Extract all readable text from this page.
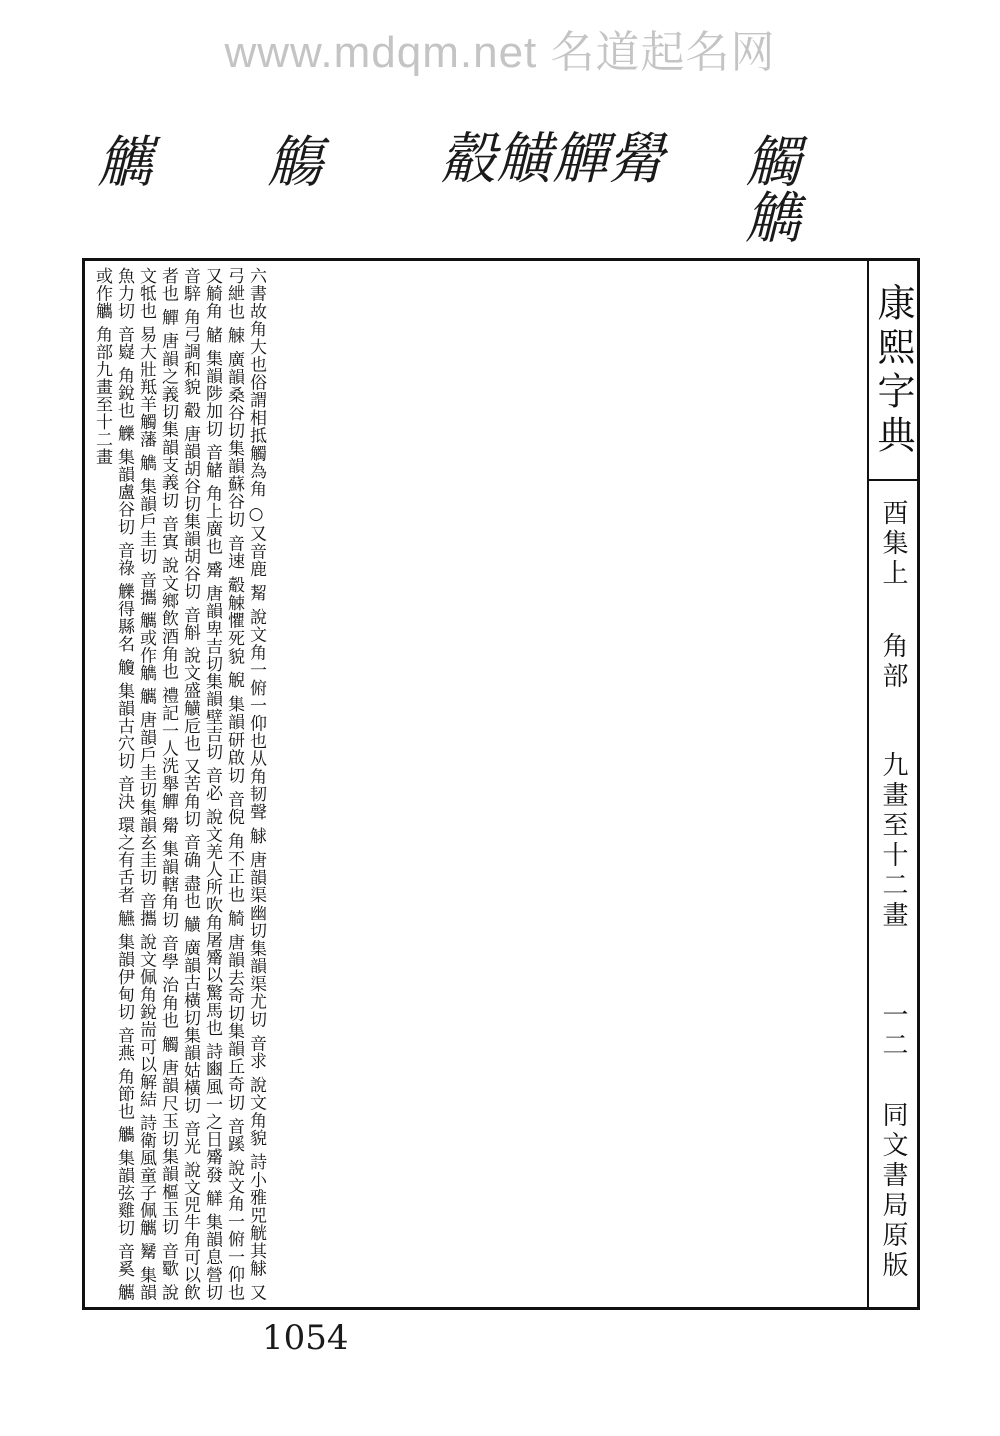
www.mdqm.net 名道起名网
觽 觴 觳觵觶觷 觸觹
六書故角大也俗謂相抵觸為角 ○又音鹿 觢 說文角一俯一仰也从角韧聲 觩 唐韻渠幽切集韻渠尤切 音求 說文角貌 詩小雅兕觥其觩 又弓紲也 觫 廣韻桑谷切集韻蘇谷切 音速 觳觫懼死貌 觬 集韻研啟切 音倪 角不正也 觭 唐韻去奇切集韻丘奇切 音蹊 說文角一俯一仰也 又觭角 觰 集韻陟加切 音觰 角上廣也 觱 唐韻卑吉切集韻壁吉切 音必 說文羌人所吹角屠觱以驚馬也 詩豳風一之日觱發 觲 集韻息營切 音騂 角弓調和貌 觳 唐韻胡谷切集韻胡谷切 音斛 說文盛觵卮也 又苦角切 音确 盡也 觵 廣韻古橫切集韻姑橫切 音光 說文兕牛角可以飲者也 觶 唐韻之義切集韻支義切 音寘 說文鄉飲酒角也 禮記一人洗舉觶 觷 集韻轄角切 音學 治角也 觸 唐韻尺玉切集韻樞玉切 音歜 說文牴也 易大壯羝羊觸藩 觹 集韻戶圭切 音攜 觽或作觹 觽 唐韻戶圭切集韻玄圭切 音攜 說文佩角銳耑可以解結 詩衛風童子佩觽 觺 集韻魚力切 音嶷 角銳也 觻 集韻盧谷切 音祿 觻得縣名 觼 集韻古穴切 音決 環之有舌者 觾 集韻伊甸切 音燕 角節也 觿 集韻弦雞切 音奚 觽或作觿 角部九畫至十二畫	康熙字典
酉集上
角部
九畫至十二畫
一二
同文書局原版
1054
